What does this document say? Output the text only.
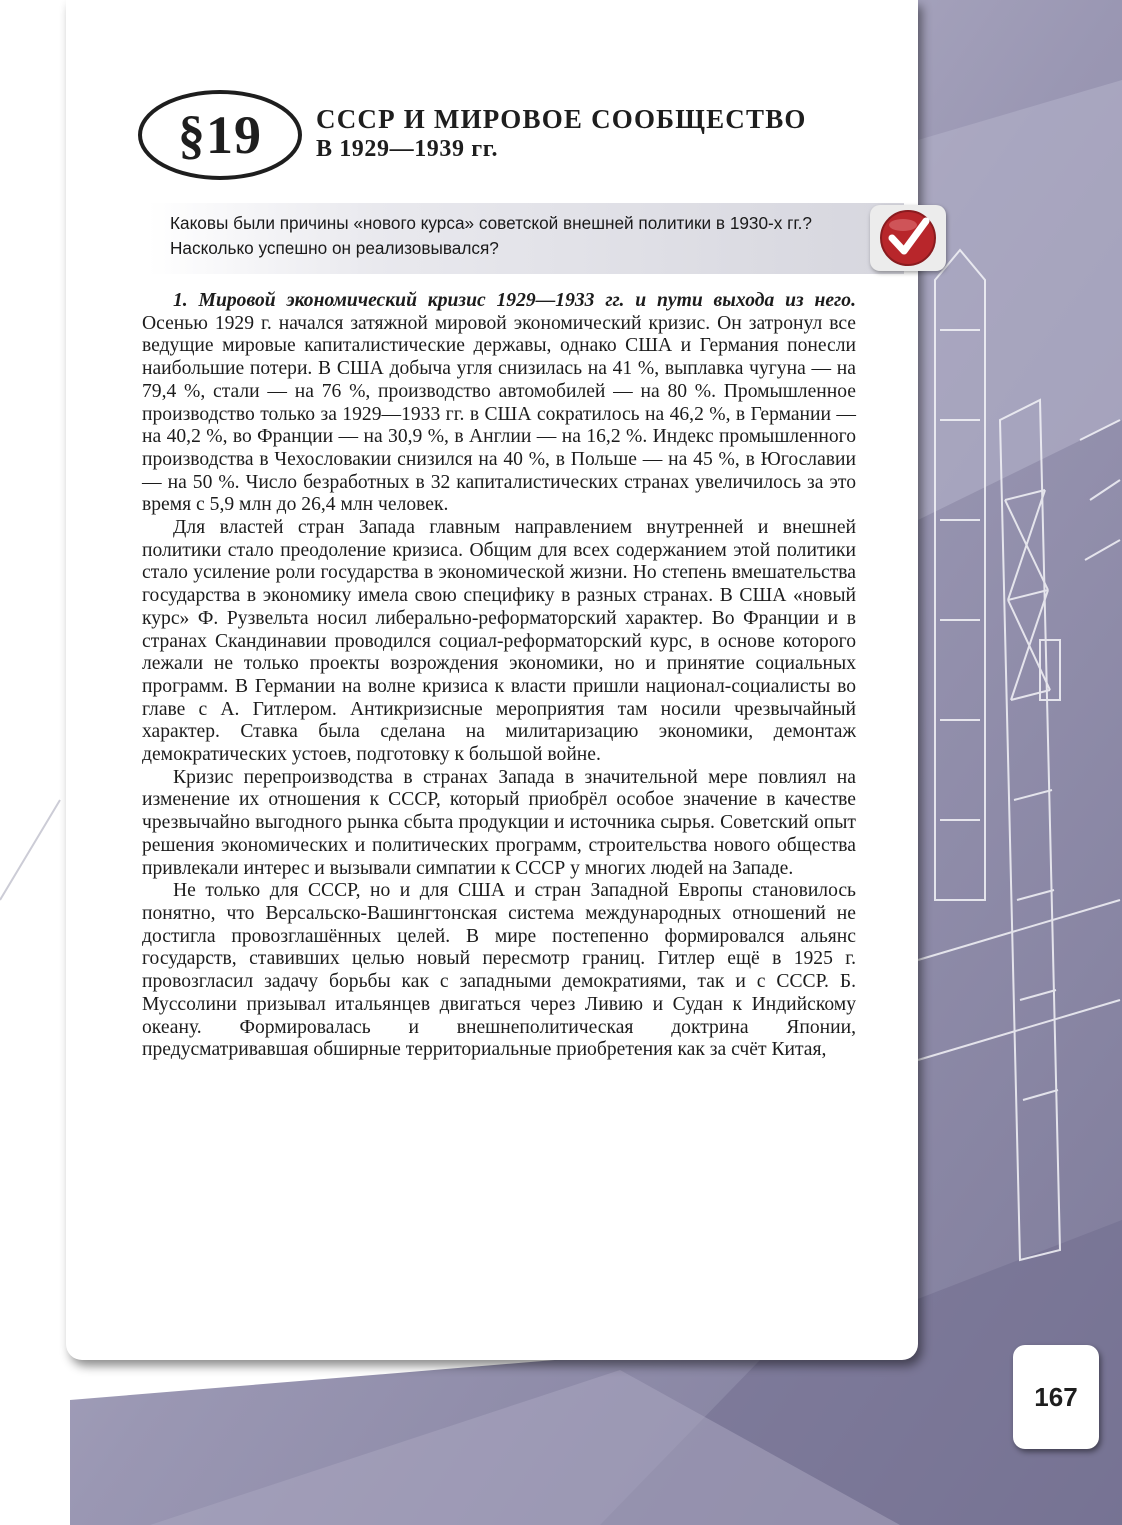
§19	СССР И МИРОВОЕ СООБЩЕСТВО
В 1929—1939 гг.
Каковы были причины «нового курса» советской внешней политики в 1930-х гг.? Насколько успешно он реализовывался?

1. Мировой экономический кризис 1929—1933 гг. и пути выхода из него. Осенью 1929 г. начался затяжной мировой экономический кризис. Он затронул все ведущие мировые капиталистические державы, однако США и Германия понесли наибольшие потери. В США добыча угля снизилась на 41 %, выплавка чугуна — на 79,4 %, стали — на 76 %, производство автомобилей — на 80 %. Промышленное производство только за 1929—1933 гг. в США сократилось на 46,2 %, в Германии — на 40,2 %, во Франции — на 30,9 %, в Англии — на 16,2 %. Индекс промышленного производства в Чехословакии снизился на 40 %, в Польше — на 45 %, в Югославии — на 50 %. Число безработных в 32 капиталистических странах увеличилось за это время с 5,9 млн до 26,4 млн человек.

Для властей стран Запада главным направлением внутренней и внешней политики стало преодоление кризиса. Общим для всех содержанием этой политики стало усиление роли государства в экономической жизни. Но степень вмешательства государства в экономику имела свою специфику в разных странах. В США «новый курс» Ф. Рузвельта носил либерально-реформаторский характер. Во Франции и в странах Скандинавии проводился социал-реформаторский курс, в основе которого лежали не только проекты возрождения экономики, но и принятие социальных программ. В Германии на волне кризиса к власти пришли национал-социалисты во главе с А. Гитлером. Антикризисные мероприятия там носили чрезвычайный характер. Ставка была сделана на милитаризацию экономики, демонтаж демократических устоев, подготовку к большой войне.

Кризис перепроизводства в странах Запада в значительной мере повлиял на изменение их отношения к СССР, который приобрёл особое значение в качестве чрезвычайно выгодного рынка сбыта продукции и источника сырья. Советский опыт решения экономических и политических программ, строительства нового общества привлекали интерес и вызывали симпатии к СССР у многих людей на Западе.

Не только для СССР, но и для США и стран Западной Европы становилось понятно, что Версальско-Вашингтонская система международных отношений не достигла провозглашённых целей. В мире постепенно формировался альянс государств, ставивших целью новый пересмотр границ. Гитлер ещё в 1925 г. провозгласил задачу борьбы как с западными демократиями, так и с СССР. Б. Муссолини призывал итальянцев двигаться через Ливию и Судан к Индийскому океану. Формировалась и внешнеполитическая доктрина Японии, предусматривавшая обширные территориальные приобретения как за счёт Китая,

167
